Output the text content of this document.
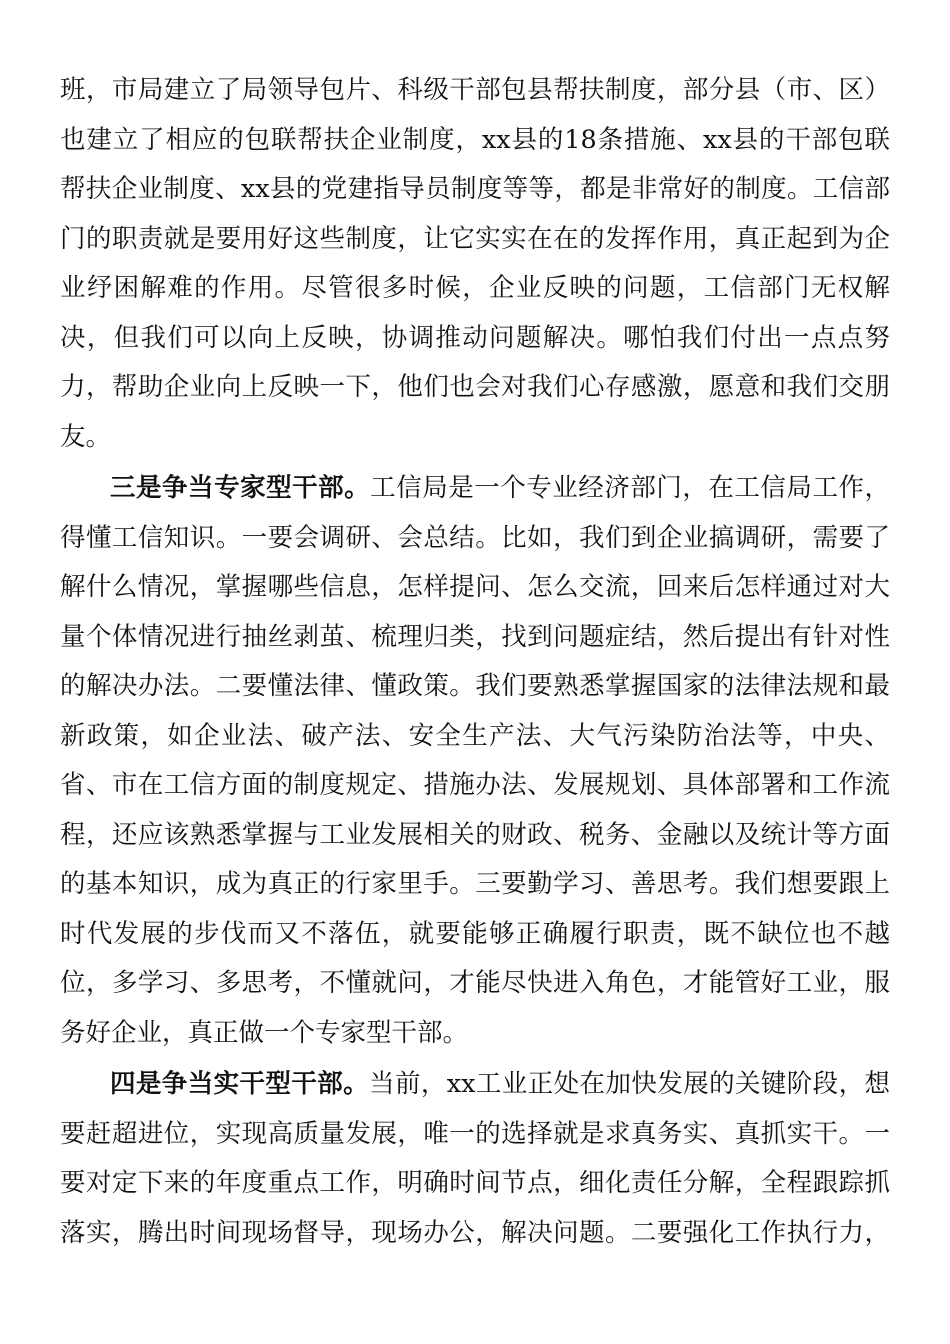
班，市局建立了局领导包片、科级干部包县帮扶制度，部分县（市、区）
也建立了相应的包联帮扶企业制度，xx县的18条措施、xx县的干部包联
帮扶企业制度、xx县的党建指导员制度等等，都是非常好的制度。工信部
门的职责就是要用好这些制度，让它实实在在的发挥作用，真正起到为企
业纾困解难的作用。尽管很多时候，企业反映的问题，工信部门无权解
决，但我们可以向上反映，协调推动问题解决。哪怕我们付出一点点努
力，帮助企业向上反映一下，他们也会对我们心存感激，愿意和我们交朋
友。
三是争当专家型干部。工信局是一个专业经济部门，在工信局工作，
得懂工信知识。一要会调研、会总结。比如，我们到企业搞调研，需要了
解什么情况，掌握哪些信息，怎样提问、怎么交流，回来后怎样通过对大
量个体情况进行抽丝剥茧、梳理归类，找到问题症结，然后提出有针对性
的解决办法。二要懂法律、懂政策。我们要熟悉掌握国家的法律法规和最
新政策，如企业法、破产法、安全生产法、大气污染防治法等，中央、
省、市在工信方面的制度规定、措施办法、发展规划、具体部署和工作流
程，还应该熟悉掌握与工业发展相关的财政、税务、金融以及统计等方面
的基本知识，成为真正的行家里手。三要勤学习、善思考。我们想要跟上
时代发展的步伐而又不落伍，就要能够正确履行职责，既不缺位也不越
位，多学习、多思考，不懂就问，才能尽快进入角色，才能管好工业，服
务好企业，真正做一个专家型干部。
四是争当实干型干部。当前，xx工业正处在加快发展的关键阶段，想
要赶超进位，实现高质量发展，唯一的选择就是求真务实、真抓实干。一
要对定下来的年度重点工作，明确时间节点，细化责任分解，全程跟踪抓
落实，腾出时间现场督导，现场办公，解决问题。二要强化工作执行力，
